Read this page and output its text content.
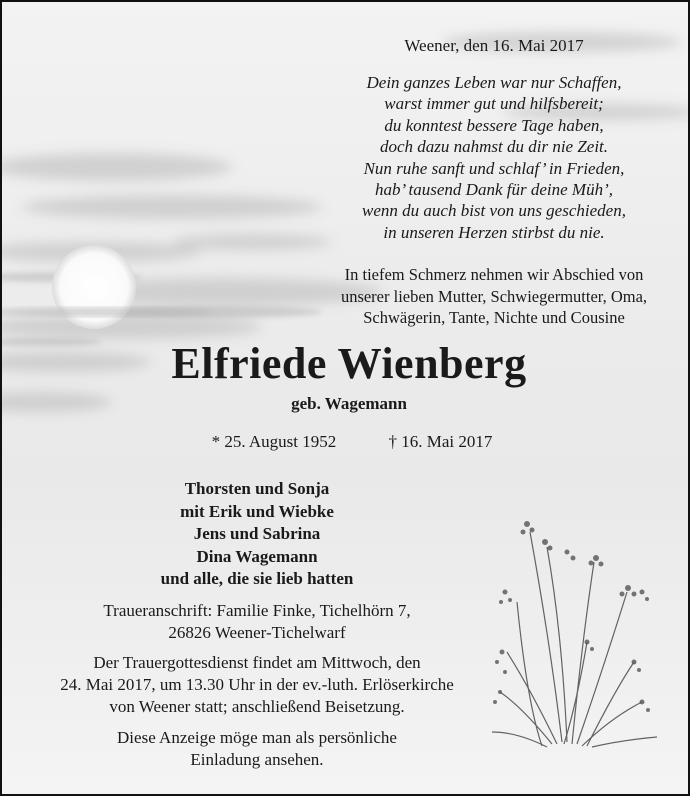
Weener, den 16. Mai 2017
Dein ganzes Leben war nur Schaffen,
warst immer gut und hilfsbereit;
du konntest bessere Tage haben,
doch dazu nahmst du dir nie Zeit.
Nun ruhe sanft und schlaf’ in Frieden,
hab’ tausend Dank für deine Müh’,
wenn du auch bist von uns geschieden,
in unseren Herzen stirbst du nie.
In tiefem Schmerz nehmen wir Abschied von
unserer lieben Mutter, Schwiegermutter, Oma,
Schwägerin, Tante, Nichte und Cousine
Elfriede Wienberg
geb. Wagemann
* 25. August 1952	† 16. Mai 2017
Thorsten und Sonja
mit Erik und Wiebke
Jens und Sabrina
Dina Wagemann
und alle, die sie lieb hatten
Traueranschrift: Familie Finke, Tichelhörn 7,
26826 Weener-Tichelwarf
Der Trauergottesdienst findet am Mittwoch, den
24. Mai 2017, um 13.30 Uhr in der ev.-luth. Erlöserkirche
von Weener statt; anschließend Beisetzung.
Diese Anzeige möge man als persönliche
Einladung ansehen.
